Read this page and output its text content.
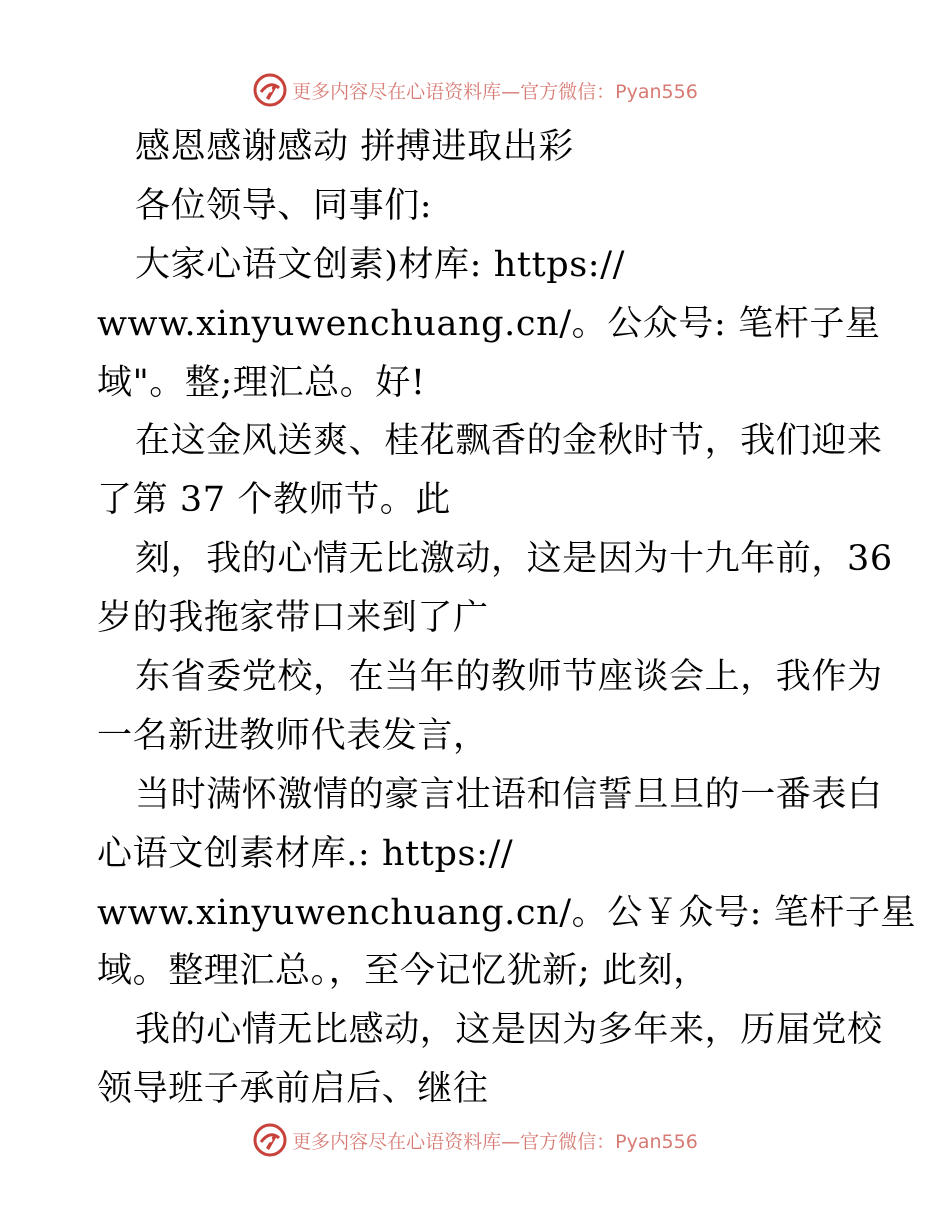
更多内容尽在心语资料库—官方微信：Pyan556
感恩感谢感动 拼搏进取出彩
各位领导、同事们:
大家心语文创素)材库: https://
www.xinyuwenchuang.cn/。公众号: 笔杆子星
域"。整;理汇总。好!
在这金风送爽、桂花飘香的金秋时节，我们迎来
了第 37 个教师节。此
刻，我的心情无比激动，这是因为十九年前，36
岁的我拖家带口来到了广
东省委党校，在当年的教师节座谈会上，我作为
一名新进教师代表发言，
当时满怀激情的豪言壮语和信誓旦旦的一番表白
心语文创素材库.: https://
www.xinyuwenchuang.cn/。公￥众号: 笔杆子星
域。整理汇总。，至今记忆犹新; 此刻，
我的心情无比感动，这是因为多年来，历届党校
领导班子承前启后、继往
更多内容尽在心语资料库—官方微信：Pyan556
